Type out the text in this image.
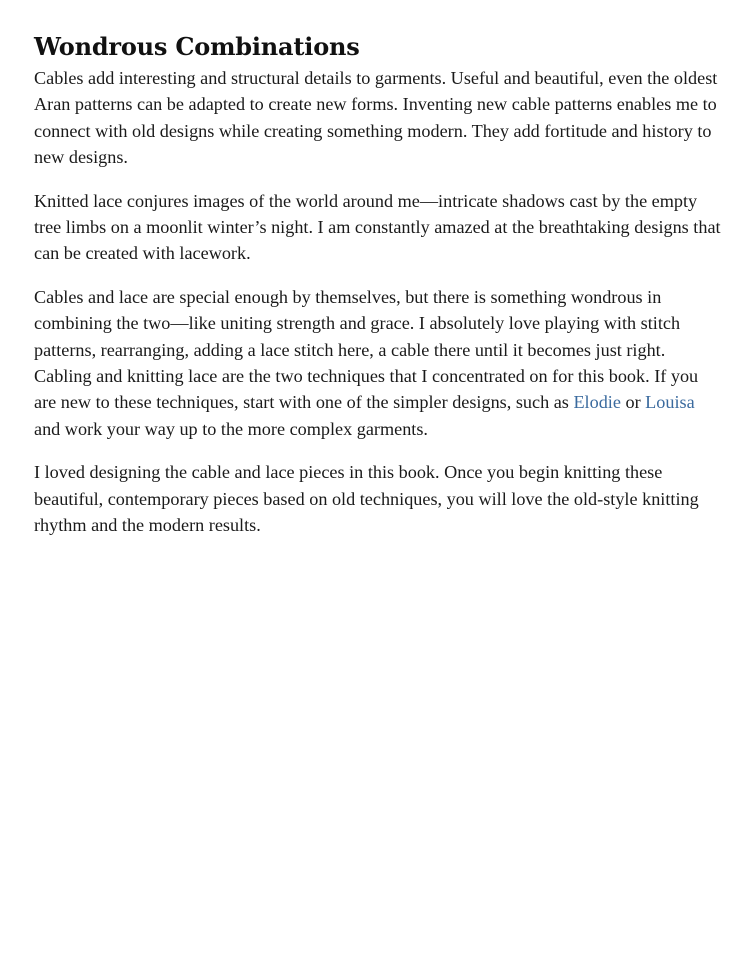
Wondrous Combinations

Cables add interesting and structural details to garments. Useful and beautiful, even the oldest Aran patterns can be adapted to create new forms. Inventing new cable patterns enables me to connect with old designs while creating something modern. They add fortitude and history to new designs.

Knitted lace conjures images of the world around me—intricate shadows cast by the empty tree limbs on a moonlit winter’s night. I am constantly amazed at the breathtaking designs that can be created with lacework.

Cables and lace are special enough by themselves, but there is something wondrous in combining the two—like uniting strength and grace. I absolutely love playing with stitch patterns, rearranging, adding a lace stitch here, a cable there until it becomes just right. Cabling and knitting lace are the two techniques that I concentrated on for this book. If you are new to these techniques, start with one of the simpler designs, such as Elodie or Louisa and work your way up to the more complex garments.

I loved designing the cable and lace pieces in this book. Once you begin knitting these beautiful, contemporary pieces based on old techniques, you will love the old-style knitting rhythm and the modern results.
